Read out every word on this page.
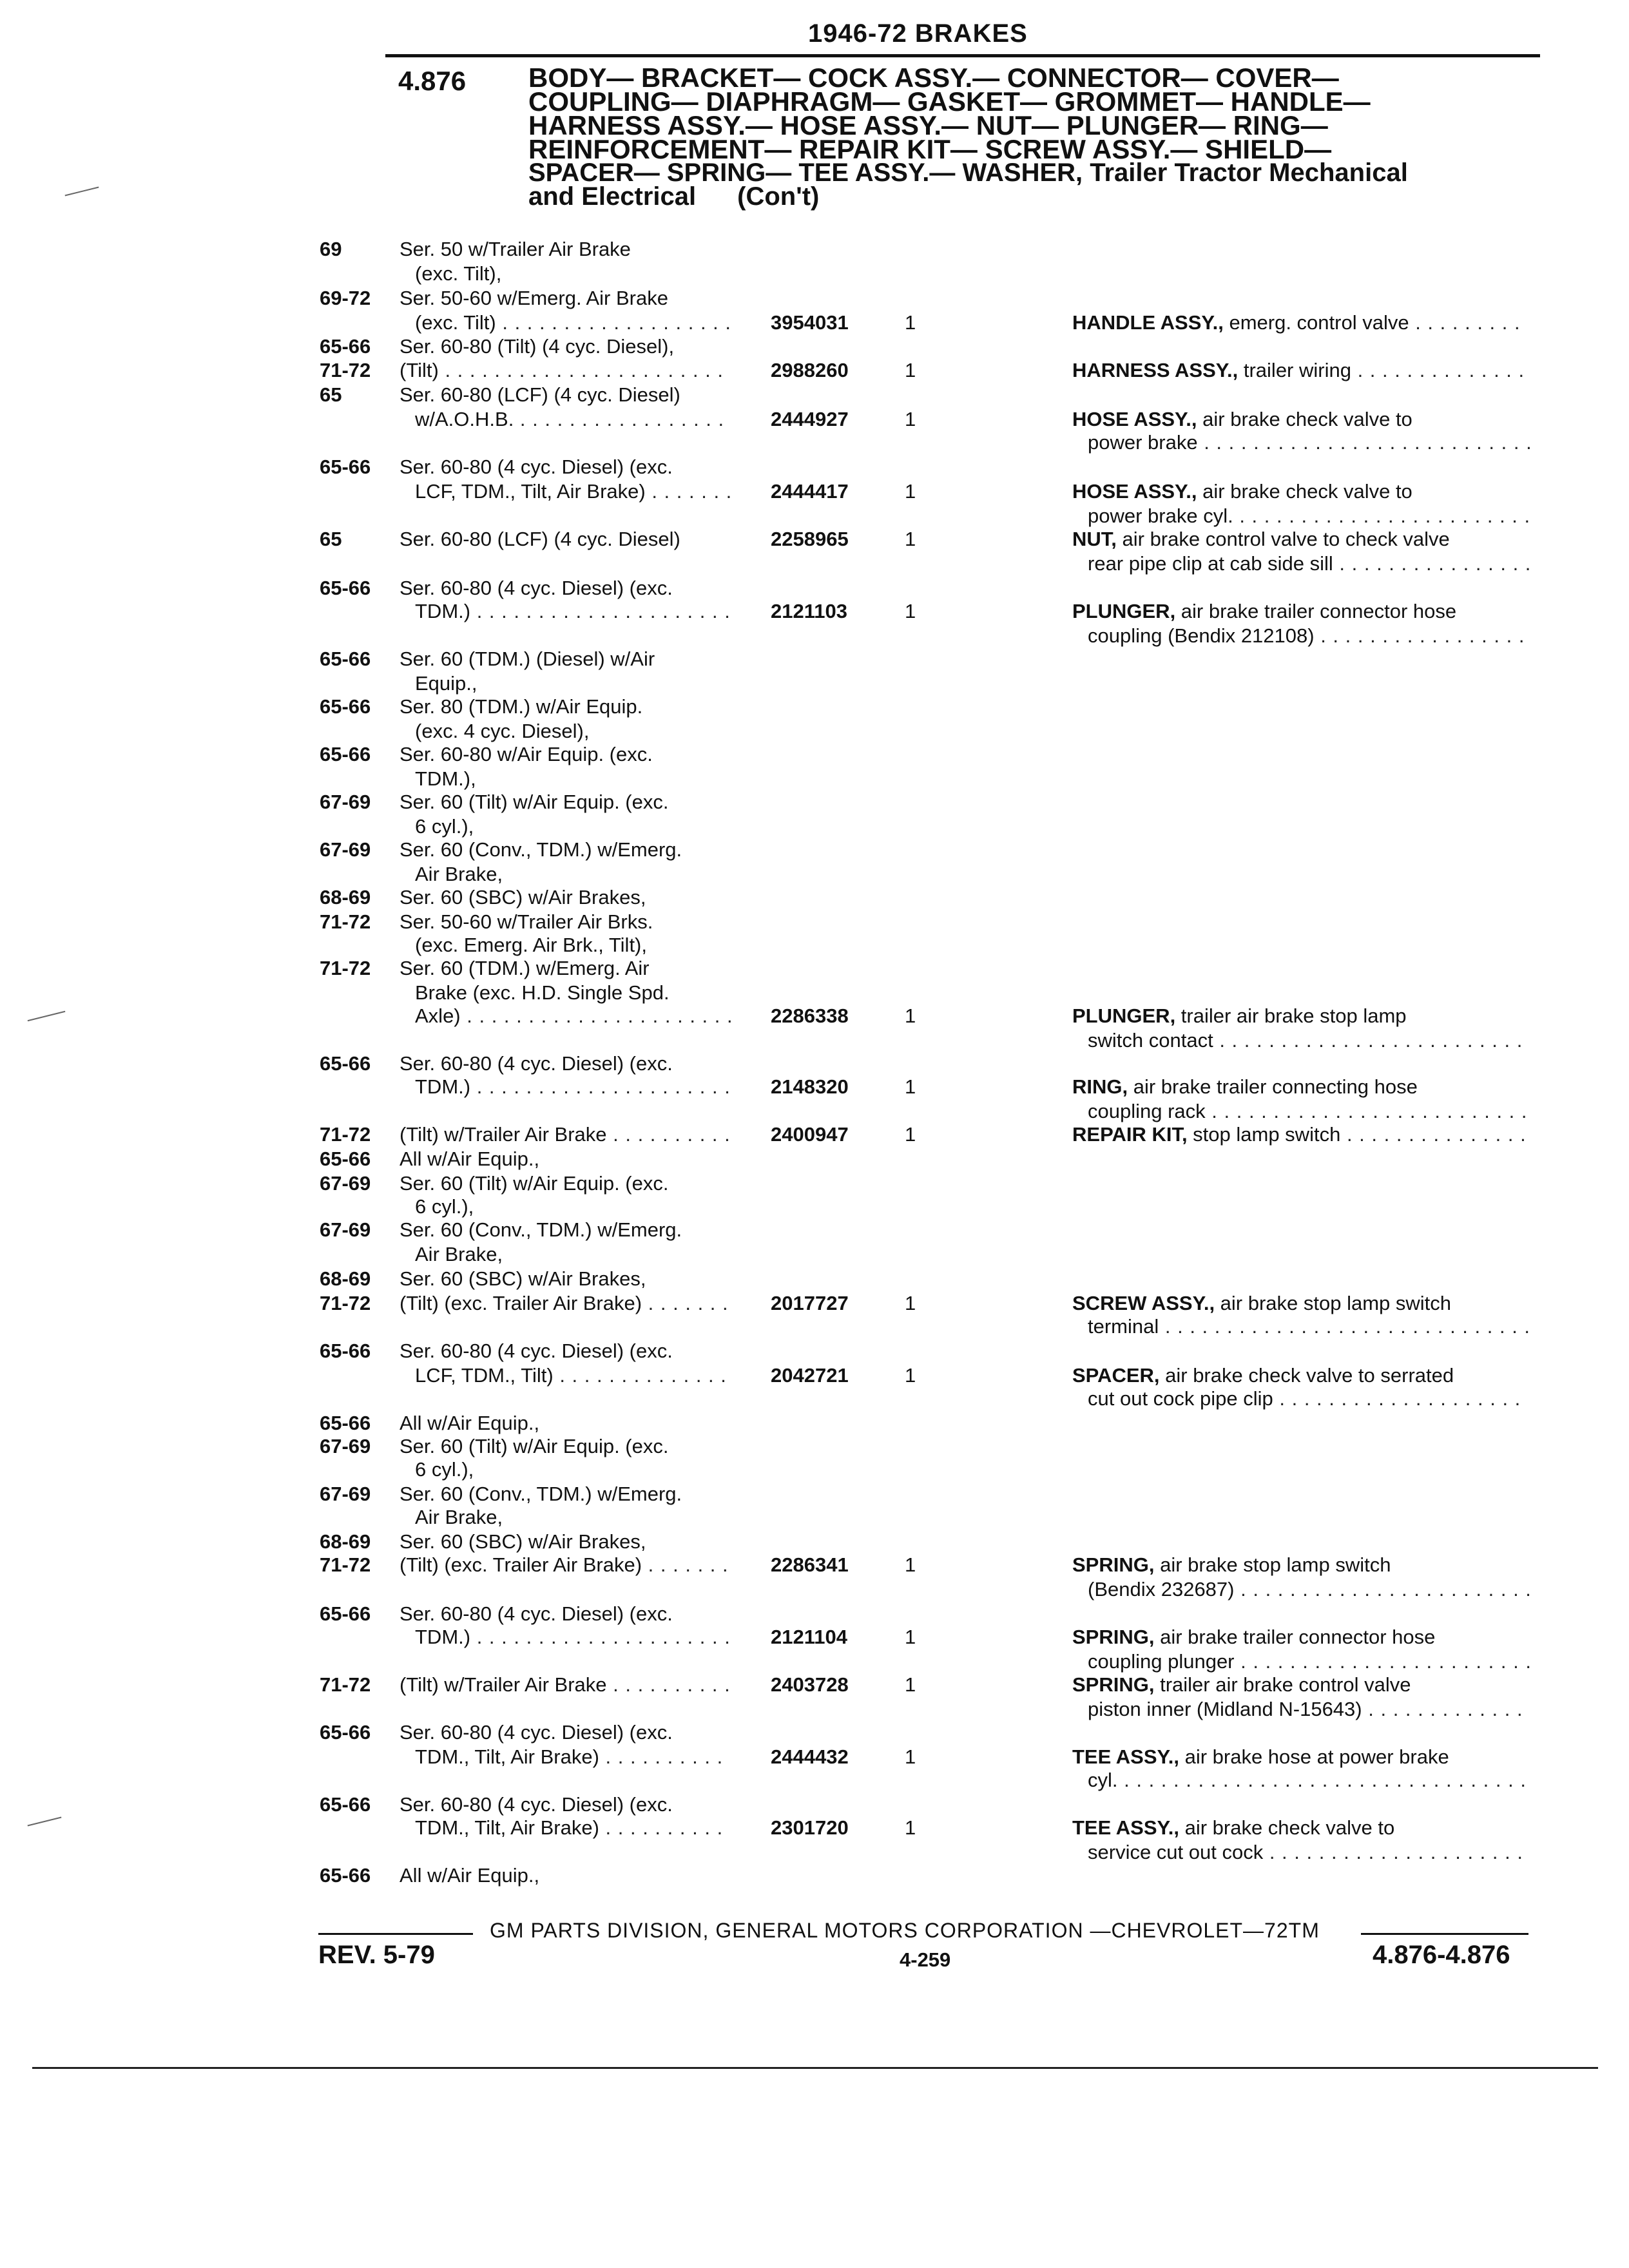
1946-72 BRAKES
4.876 BODY— BRACKET— COCK ASSY.— CONNECTOR— COVER—
COUPLING— DIAPHRAGM— GASKET— GROMMET— HANDLE—
HARNESS ASSY.— HOSE ASSY.— NUT— PLUNGER— RING—
REINFORCEMENT— REPAIR KIT— SCREW ASSY.— SHIELD—
SPACER— SPRING— TEE ASSY.— WASHER, Trailer Tractor Mechanical
and Electrical (Con't)
69	Ser. 50 w/Trailer Air Brake
(exc. Tilt),
69-72 Ser. 50-60 w/Emerg. Air Brake
(exc. Tilt) . . . . . . . . . . . . . . . . . . . 3954031	1	HANDLE ASSY., emerg. control valve . . . . . . . . .
65-66 Ser. 60-80 (Tilt) (4 cyc. Diesel),
71-72 (Tilt) . . . . . . . . . . . . . . . . . . . . . . . 2988260	1	HARNESS ASSY., trailer wiring . . . . . . . . . . . . . .
65	Ser. 60-80 (LCF) (4 cyc. Diesel)
w/A.O.H.B. . . . . . . . . . . . . . . . . . 2444927	1	HOSE ASSY., air brake check valve to
power brake . . . . . . . . . . . . . . . . . . . . . . . . . . .
65-66 Ser. 60-80 (4 cyc. Diesel) (exc.
LCF, TDM., Tilt, Air Brake) . . . . . . . 2444417	1	HOSE ASSY., air brake check valve to
power brake cyl. . . . . . . . . . . . . . . . . . . . . . . . .
65	Ser. 60-80 (LCF) (4 cyc. Diesel)	2258965	1	NUT, air brake control valve to check valve
rear pipe clip at cab side sill . . . . . . . . . . . . . . . .
65-66 Ser. 60-80 (4 cyc. Diesel) (exc.
TDM.) . . . . . . . . . . . . . . . . . . . . . 2121103	1	PLUNGER, air brake trailer connector hose
coupling (Bendix 212108) . . . . . . . . . . . . . . . . .
65-66 Ser. 60 (TDM.) (Diesel) w/Air
Equip.,
65-66 Ser. 80 (TDM.) w/Air Equip.
(exc. 4 cyc. Diesel),
65-66 Ser. 60-80 w/Air Equip. (exc.
TDM.),
67-69 Ser. 60 (Tilt) w/Air Equip. (exc.
6 cyl.),
67-69 Ser. 60 (Conv., TDM.) w/Emerg.
Air Brake,
68-69 Ser. 60 (SBC) w/Air Brakes,
71-72 Ser. 50-60 w/Trailer Air Brks.
(exc. Emerg. Air Brk., Tilt),
71-72 Ser. 60 (TDM.) w/Emerg. Air
Brake (exc. H.D. Single Spd.
Axle) . . . . . . . . . . . . . . . . . . . . . . 2286338	1	PLUNGER, trailer air brake stop lamp
switch contact . . . . . . . . . . . . . . . . . . . . . . . . .
65-66 Ser. 60-80 (4 cyc. Diesel) (exc.
TDM.) . . . . . . . . . . . . . . . . . . . . . 2148320	1	RING, air brake trailer connecting hose
coupling rack . . . . . . . . . . . . . . . . . . . . . . . . . .
71-72 (Tilt) w/Trailer Air Brake . . . . . . . . . . 2400947	1	REPAIR KIT, stop lamp switch . . . . . . . . . . . . . . .
65-66 All w/Air Equip.,
67-69 Ser. 60 (Tilt) w/Air Equip. (exc.
6 cyl.),
67-69 Ser. 60 (Conv., TDM.) w/Emerg.
Air Brake,
68-69 Ser. 60 (SBC) w/Air Brakes,
71-72 (Tilt) (exc. Trailer Air Brake) . . . . . . . 2017727	1	SCREW ASSY., air brake stop lamp switch
terminal . . . . . . . . . . . . . . . . . . . . . . . . . . . . . .
65-66 Ser. 60-80 (4 cyc. Diesel) (exc.
LCF, TDM., Tilt) . . . . . . . . . . . . . . 2042721	1	SPACER, air brake check valve to serrated
cut out cock pipe clip . . . . . . . . . . . . . . . . . . . .
65-66 All w/Air Equip.,
67-69 Ser. 60 (Tilt) w/Air Equip. (exc.
6 cyl.),
67-69 Ser. 60 (Conv., TDM.) w/Emerg.
Air Brake,
68-69 Ser. 60 (SBC) w/Air Brakes,
71-72 (Tilt) (exc. Trailer Air Brake) . . . . . . . 2286341	1	SPRING, air brake stop lamp switch
(Bendix 232687) . . . . . . . . . . . . . . . . . . . . . . . .
65-66 Ser. 60-80 (4 cyc. Diesel) (exc.
TDM.) . . . . . . . . . . . . . . . . . . . . . 2121104	1	SPRING, air brake trailer connector hose
coupling plunger . . . . . . . . . . . . . . . . . . . . . . . .
71-72 (Tilt) w/Trailer Air Brake . . . . . . . . . . 2403728	1	SPRING, trailer air brake control valve
piston inner (Midland N-15643) . . . . . . . . . . . . .
65-66 Ser. 60-80 (4 cyc. Diesel) (exc.
TDM., Tilt, Air Brake) . . . . . . . . . . 2444432	1	TEE ASSY., air brake hose at power brake
cyl. . . . . . . . . . . . . . . . . . . . . . . . . . . . . . . . . .
65-66 Ser. 60-80 (4 cyc. Diesel) (exc.
TDM., Tilt, Air Brake) . . . . . . . . . . 2301720	1	TEE ASSY., air brake check valve to
service cut out cock . . . . . . . . . . . . . . . . . . . . .
65-66 All w/Air Equip.,
GM PARTS DIVISION, GENERAL MOTORS CORPORATION —CHEVROLET—72TM
REV. 5-79	4-259	4.876-4.876
